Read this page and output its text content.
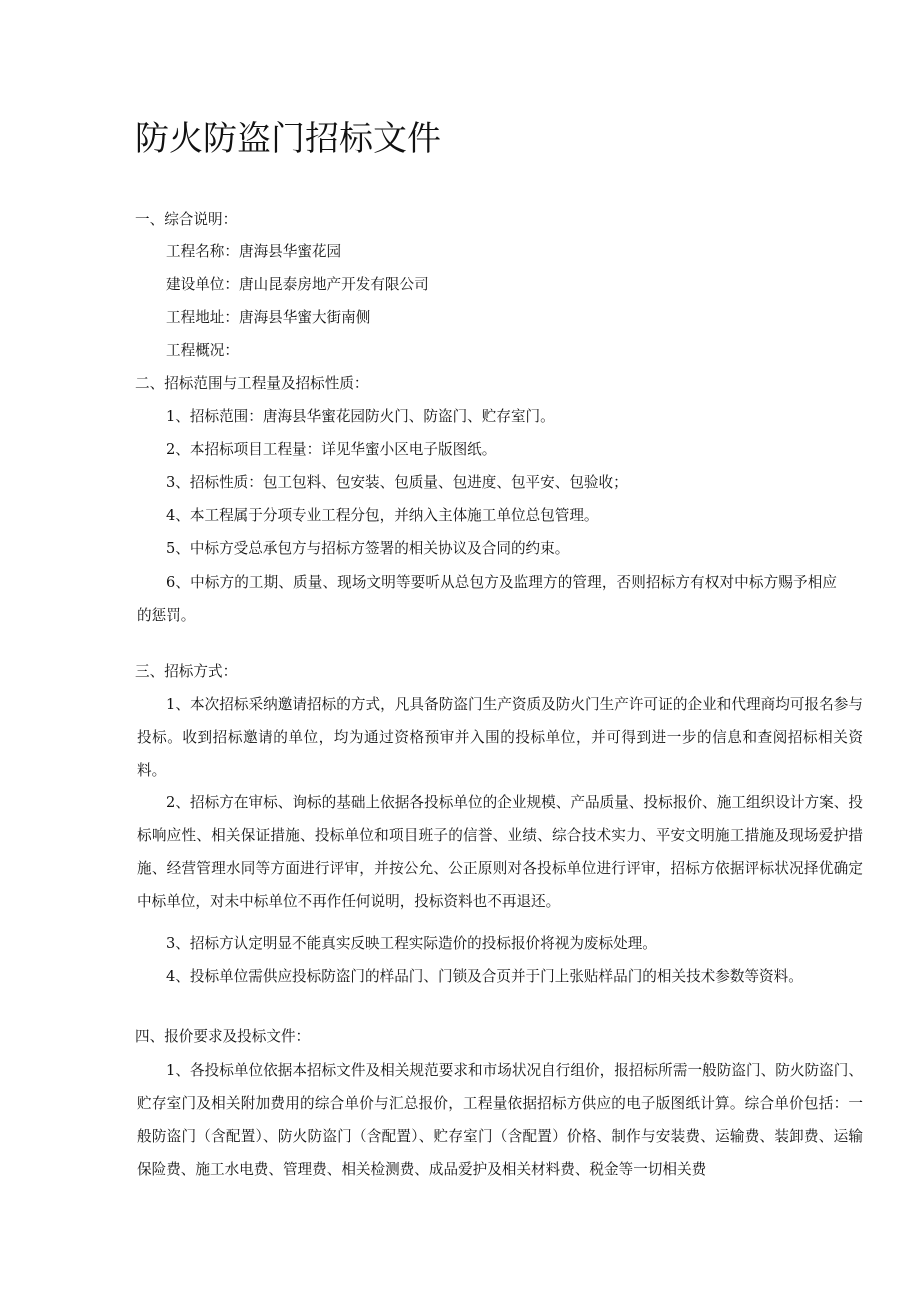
防火防盗门招标文件
一、综合说明：
工程名称：唐海县华蜜花园
建设单位：唐山昆泰房地产开发有限公司
工程地址：唐海县华蜜大街南侧
工程概况：
二、招标范围与工程量及招标性质：
1、招标范围：唐海县华蜜花园防火门、防盗门、贮存室门。
2、本招标项目工程量：详见华蜜小区电子版图纸。
3、招标性质：包工包料、包安装、包质量、包进度、包平安、包验收；
4、本工程属于分项专业工程分包，并纳入主体施工单位总包管理。
5、中标方受总承包方与招标方签署的相关协议及合同的约束。
6、中标方的工期、质量、现场文明等要听从总包方及监理方的管理，否则招标方有权对中标方赐予相应的惩罚。
三、招标方式：
1、本次招标采纳邀请招标的方式，凡具备防盗门生产资质及防火门生产许可证的企业和代理商均可报名参与投标。收到招标邀请的单位，均为通过资格预审并入围的投标单位，并可得到进一步的信息和查阅招标相关资料。
2、招标方在审标、询标的基础上依据各投标单位的企业规模、产品质量、投标报价、施工组织设计方案、投标响应性、相关保证措施、投标单位和项目班子的信誉、业绩、综合技术实力、平安文明施工措施及现场爱护措施、经营管理水同等方面进行评审，并按公允、公正原则对各投标单位进行评审，招标方依据评标状况择优确定中标单位，对未中标单位不再作任何说明，投标资料也不再退还。
3、招标方认定明显不能真实反映工程实际造价的投标报价将视为废标处理。
4、投标单位需供应投标防盗门的样品门、门锁及合页并于门上张贴样品门的相关技术参数等资料。
四、报价要求及投标文件：
1、各投标单位依据本招标文件及相关规范要求和市场状况自行组价，报招标所需一般防盗门、防火防盗门、贮存室门及相关附加费用的综合单价与汇总报价，工程量依据招标方供应的电子版图纸计算。综合单价包括：一般防盗门（含配置）、防火防盗门（含配置）、贮存室门（含配置）价格、制作与安装费、运输费、装卸费、运输保险费、施工水电费、管理费、相关检测费、成品爱护及相关材料费、税金等一切相关费
